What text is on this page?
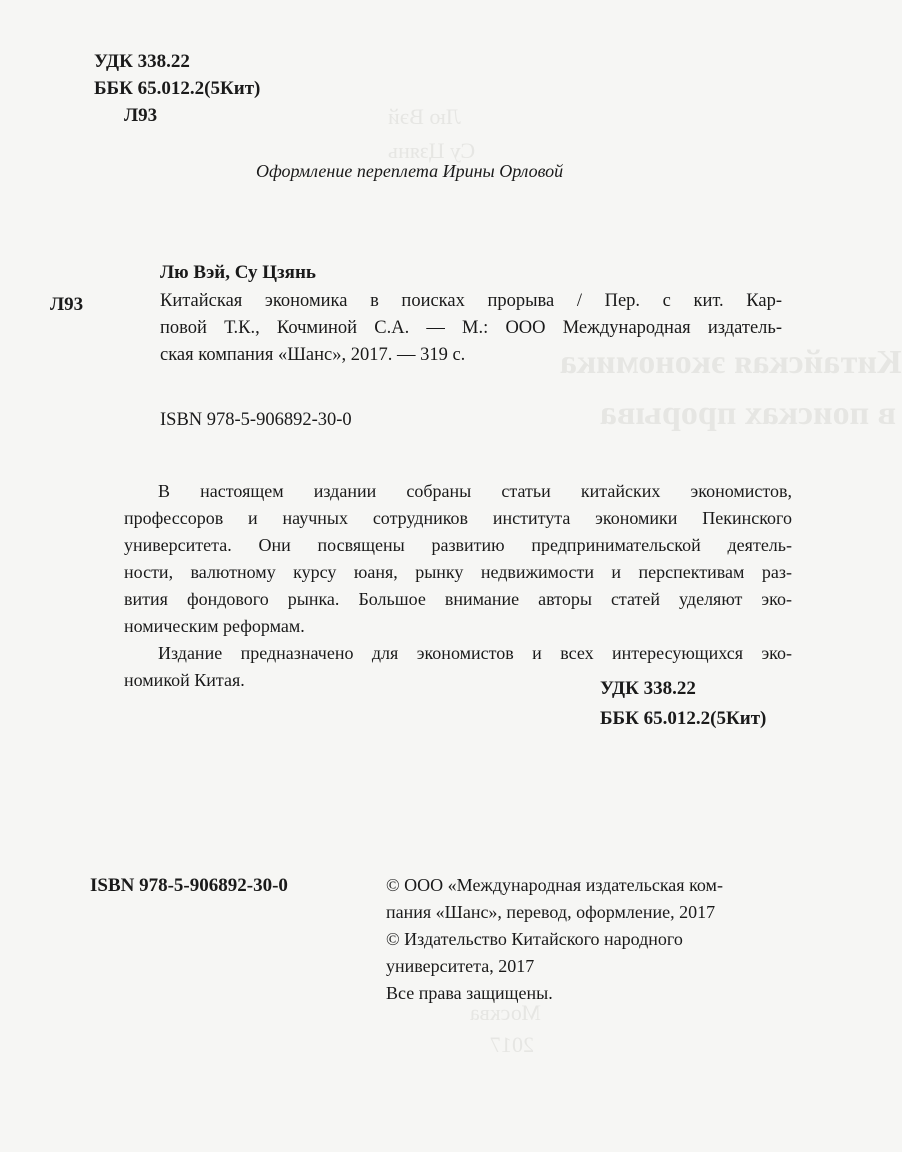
Лю Вэй
Су Цзянь
Китайская экономика
в поисках прорыва
Москва
2017
УДК 338.22
ББК 65.012.2(5Кит)
Л93
Оформление переплета Ирины Орловой
Лю Вэй, Су Цзянь
Л93	Китайская экономика в поисках прорыва / Пер. с кит. Кар-
повой Т.К., Кочминой С.А. — М.: ООО Международная издатель-
ская компания «Шанс», 2017. — 319 с.
ISBN 978-5-906892-30-0
В настоящем издании собраны статьи китайских экономистов,
профессоров и научных сотрудников института экономики Пекинского
университета. Они посвящены развитию предпринимательской деятель-
ности, валютному курсу юаня, рынку недвижимости и перспективам раз-
вития фондового рынка. Большое внимание авторы статей уделяют эко-
номическим реформам.
Издание предназначено для экономистов и всех интересующихся эко-
номикой Китая.	УДК 338.22
ББК 65.012.2(5Кит)
ISBN 978-5-906892-30-0	© ООО «Международная издательская ком-
пания «Шанс», перевод, оформление, 2017
© Издательство Китайского народного
университета, 2017
Все права защищены.
